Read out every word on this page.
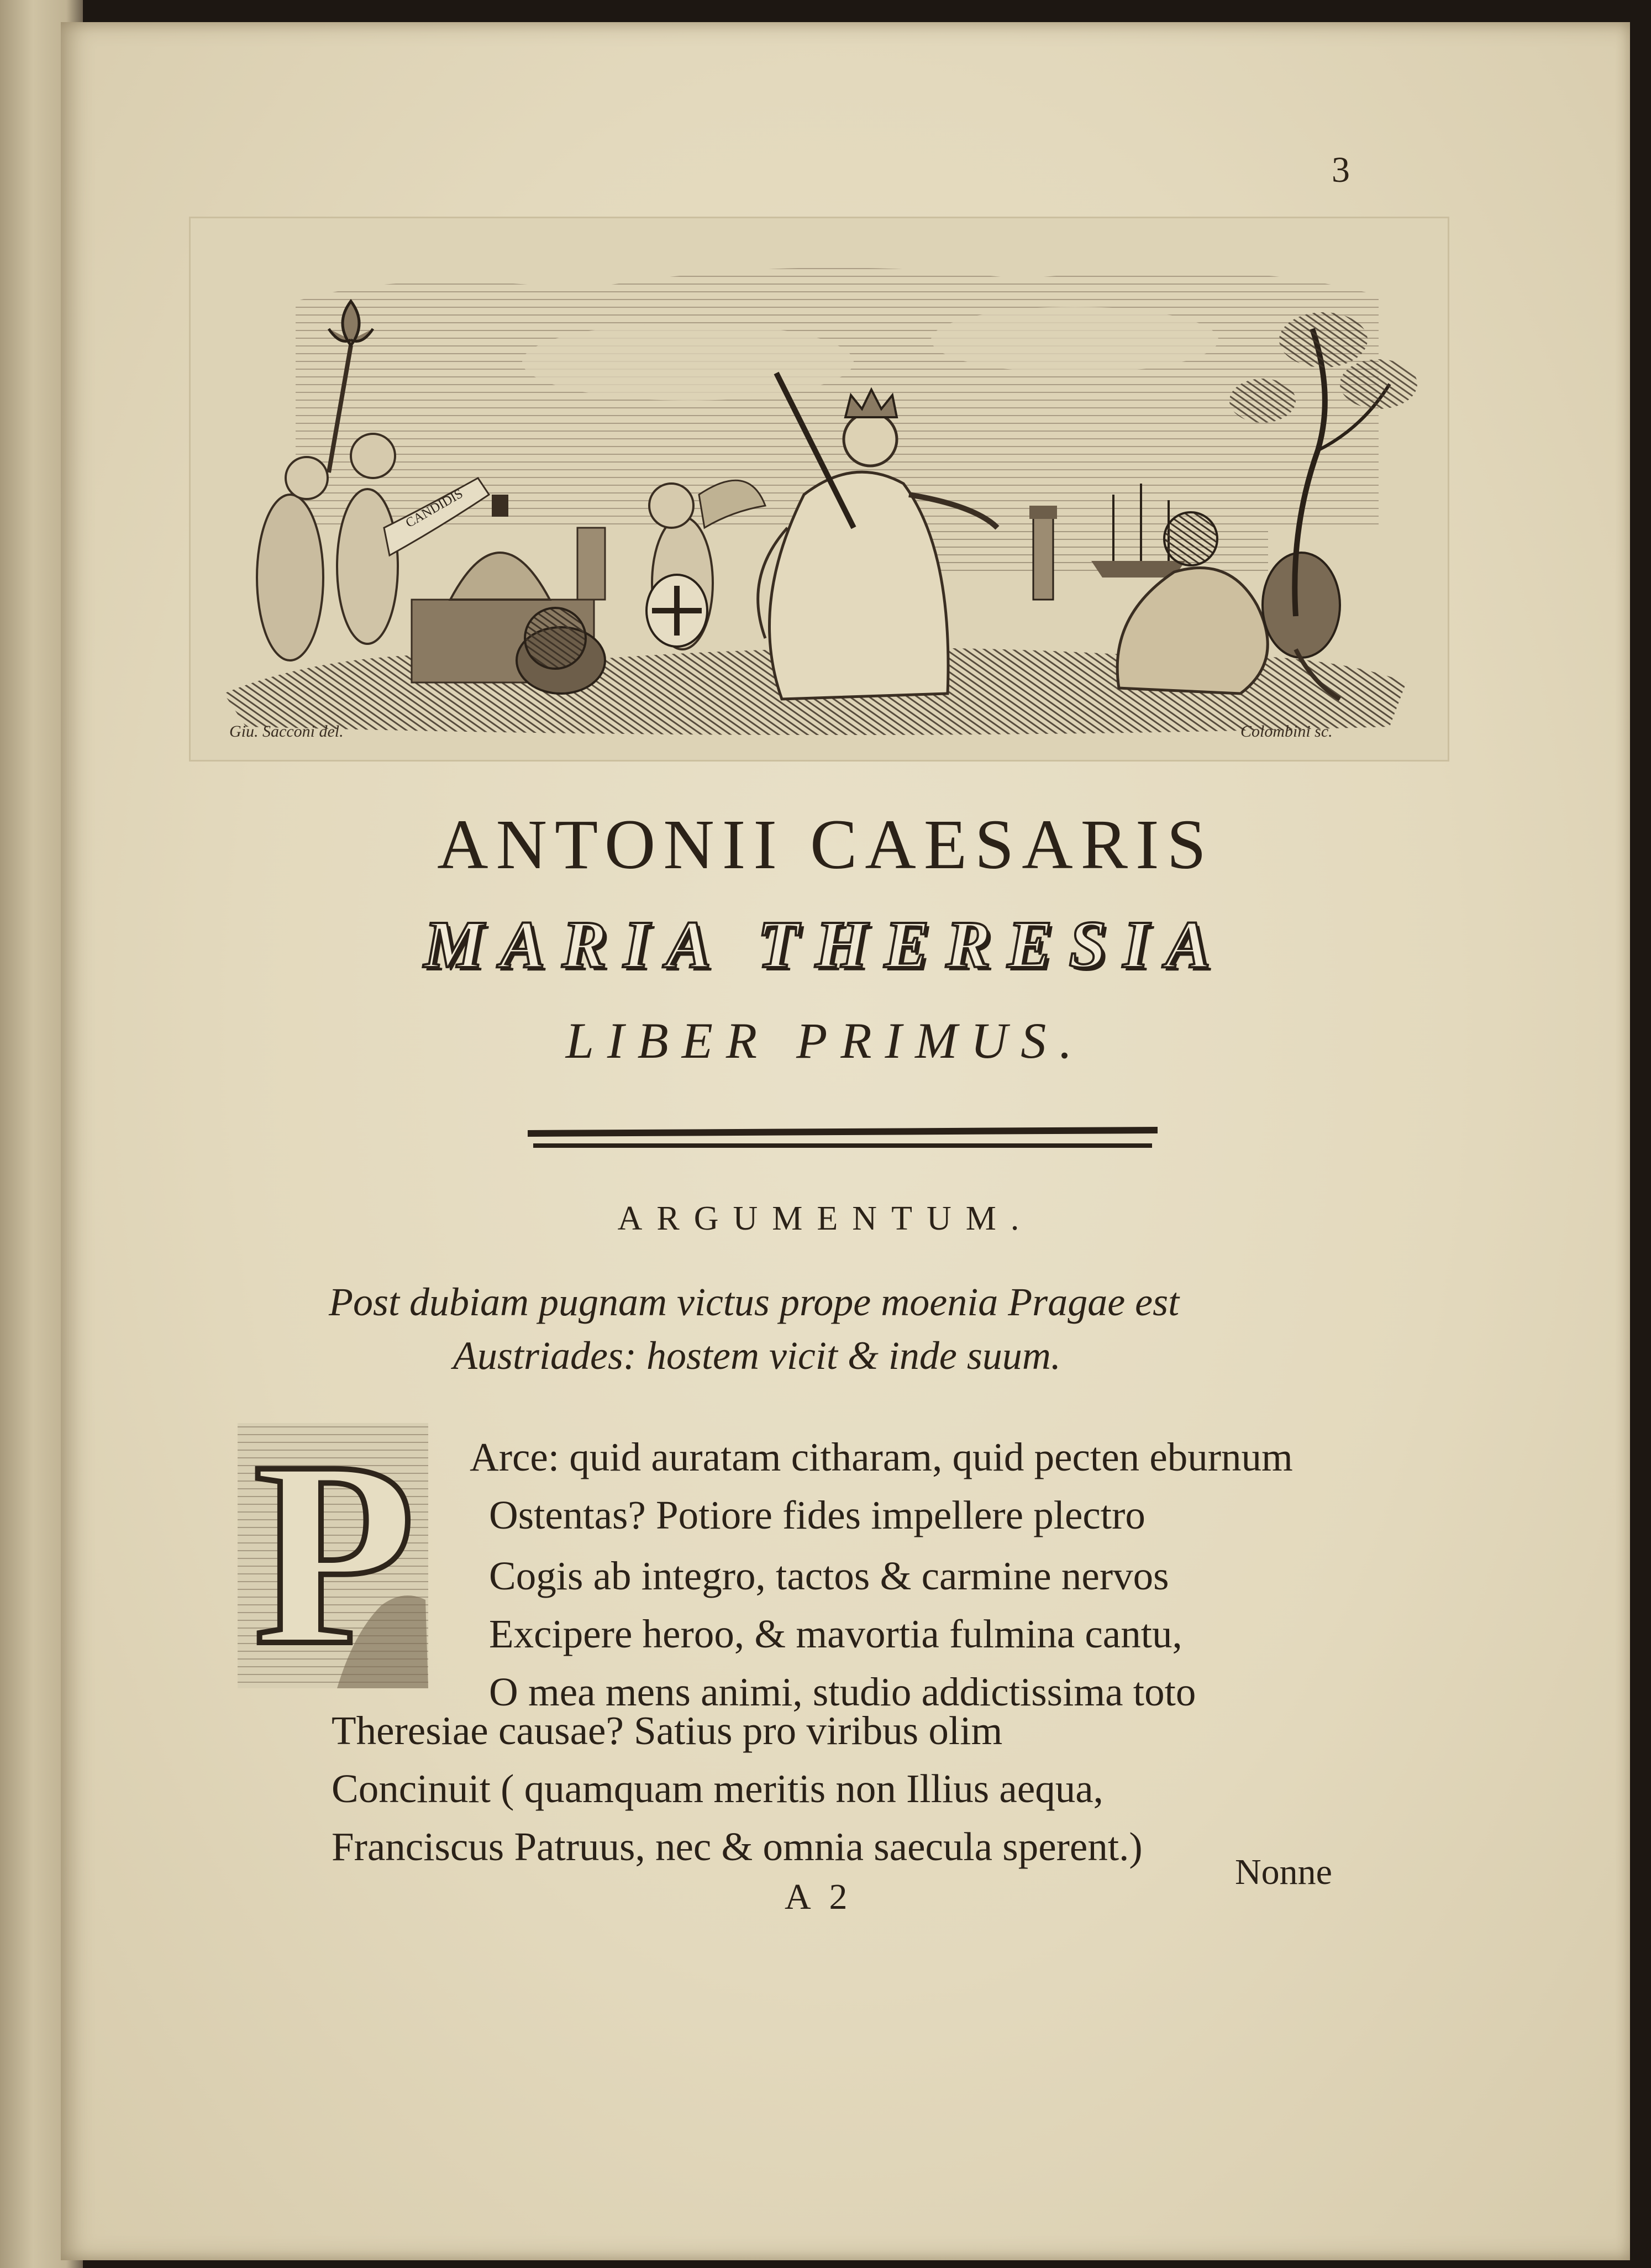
3
CANDIDIS
Giu. Sacconi del.	Colombini sc.
ANTONII CAESARIS
MARIA THERESIA
LIBER PRIMUS.
ARGUMENTUM.
Post dubiam pugnam victus prope moenia Pragae est
Austriades: hostem vicit & inde suum.
P Arce: quid auratam citharam, quid pecten eburnum
Ostentas? Potiore fides impellere plectro
Cogis ab integro, tactos & carmine nervos
Excipere heroo, & mavortia fulmina cantu,
O mea mens animi, studio addictissima toto
Theresiae causae? Satius pro viribus olim
Concinuit ( quamquam meritis non Illius aequa,
Franciscus Patruus, nec & omnia saecula sperent.)
A 2
Nonne
